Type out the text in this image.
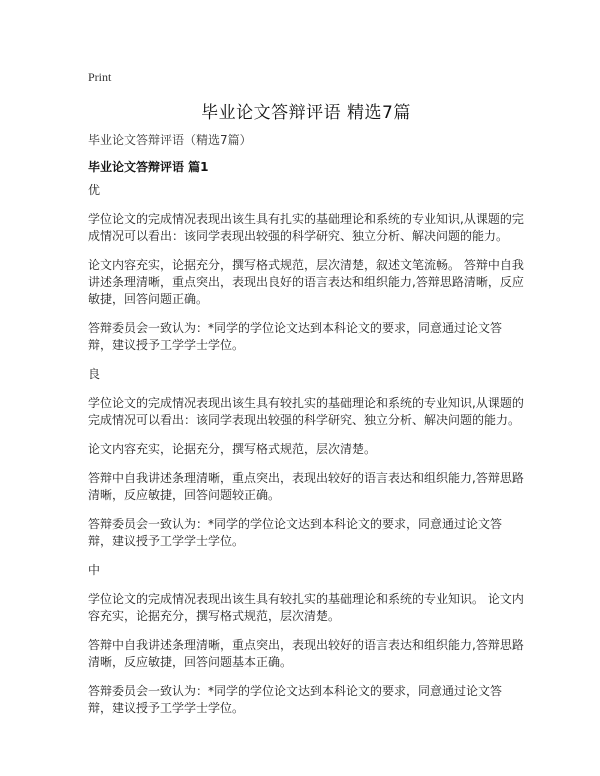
Print
毕业论文答辩评语 精选7篇

毕业论文答辩评语（精选7篇）

毕业论文答辩评语 篇1

优

学位论文的完成情况表现出该生具有扎实的基础理论和系统的专业知识,从课题的完成情况可以看出：该同学表现出较强的科学研究、独立分析、解决问题的能力。

论文内容充实，论据充分，撰写格式规范，层次清楚，叙述文笔流畅。 答辩中自我讲述条理清晰，重点突出，表现出良好的语言表达和组织能力,答辩思路清晰，反应敏捷，回答问题正确。

答辩委员会一致认为：*同学的学位论文达到本科论文的要求，同意通过论文答辩，建议授予工学学士学位。

良

学位论文的完成情况表现出该生具有较扎实的基础理论和系统的专业知识,从课题的完成情况可以看出：该同学表现出较强的科学研究、独立分析、解决问题的能力。

论文内容充实，论据充分，撰写格式规范，层次清楚。

答辩中自我讲述条理清晰，重点突出，表现出较好的语言表达和组织能力,答辩思路清晰，反应敏捷，回答问题较正确。

答辩委员会一致认为：*同学的学位论文达到本科论文的要求，同意通过论文答辩，建议授予工学学士学位。

中

学位论文的完成情况表现出该生具有较扎实的基础理论和系统的专业知识。 论文内容充实，论据充分，撰写格式规范，层次清楚。

答辩中自我讲述条理清晰，重点突出，表现出较好的语言表达和组织能力,答辩思路清晰，反应敏捷，回答问题基本正确。

答辩委员会一致认为：*同学的学位论文达到本科论文的要求，同意通过论文答辩，建议授予工学学士学位。
